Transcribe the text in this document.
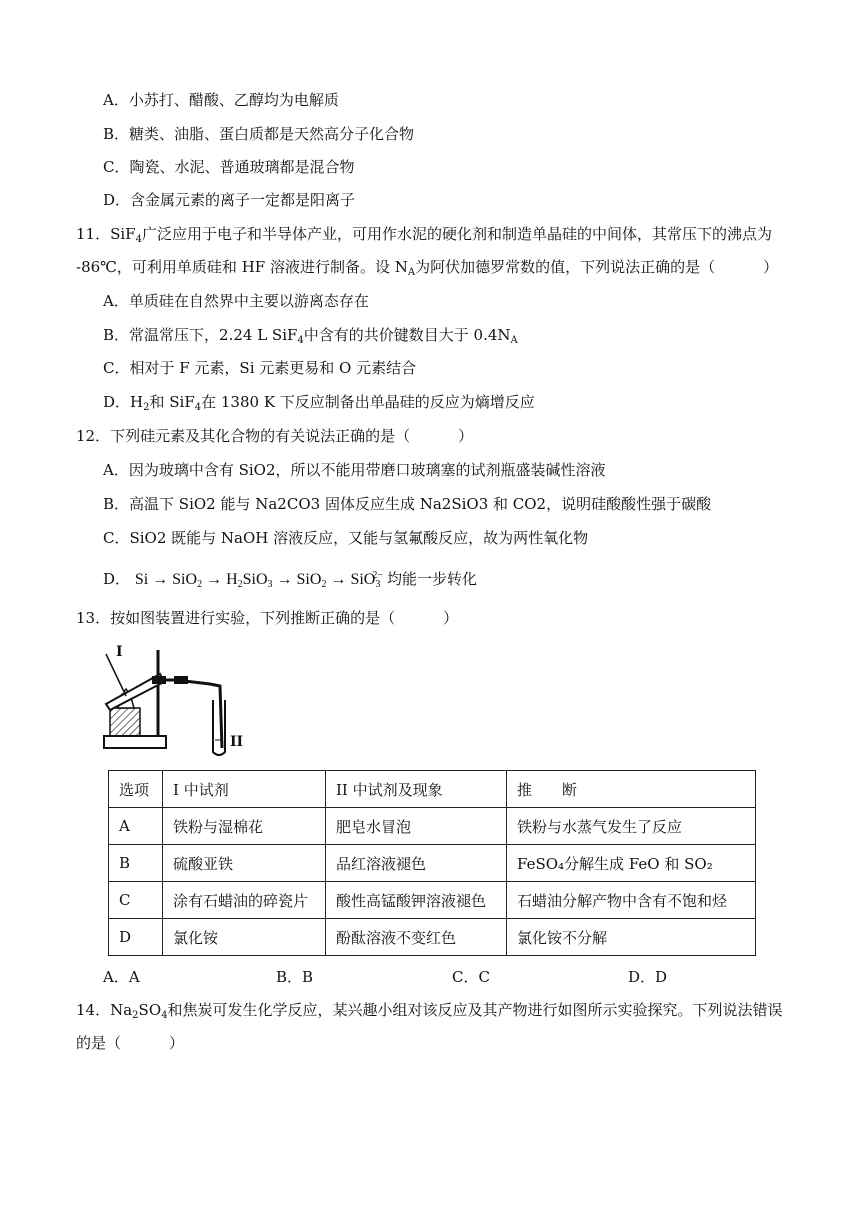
A．小苏打、醋酸、乙醇均为电解质
B．糖类、油脂、蛋白质都是天然高分子化合物
C．陶瓷、水泥、普通玻璃都是混合物
D．含金属元素的离子一定都是阳离子
11．SiF$_4$广泛应用于电子和半导体产业，可用作水泥的硬化剂和制造单晶硅的中间体，其常压下的沸点为
-86℃，可利用单质硅和 HF 溶液进行制备。设 $N_A$为阿伏加德罗常数的值，下列说法正确的是（	）
A．单质硅在自然界中主要以游离态存在
B．常温常压下，2.24 L SiF$_4$中含有的共价键数目大于 $0.4N_A$
C．相对于 F 元素，Si 元素更易和 O 元素结合
D．$H_2$和 SiF$_4$在 1380 K 下反应制备出单晶硅的反应为熵增反应
12．下列硅元素及其化合物的有关说法正确的是（	）
A．因为玻璃中含有 SiO2，所以不能用带磨口玻璃塞的试剂瓶盛装碱性溶液
B．高温下 SiO2 能与 Na2CO3 固体反应生成 Na2SiO3 和 CO2，说明硅酸酸性强于碳酸
C．SiO2 既能与 NaOH 溶液反应，又能与氢氟酸反应，故为两性氧化物
D． $Si \to SiO_2 \to H_2SiO_3 \to SiO_2 \to SiO_3^{2-}$ 均能一步转化
13．按如图装置进行实验，下列推断正确的是（	）
I
II
选项	I 中试剂	II 中试剂及现象	推　　断
A	铁粉与湿棉花	肥皂水冒泡	铁粉与水蒸气发生了反应
B	硫酸亚铁	品红溶液褪色	FeSO₄分解生成 FeO 和 SO₂
C	涂有石蜡油的碎瓷片	酸性高锰酸钾溶液褪色	石蜡油分解产物中含有不饱和烃
D	氯化铵	酚酞溶液不变红色	氯化铵不分解
A．A	B．B	C．C	D．D
14．$Na_2SO_4$和焦炭可发生化学反应，某兴趣小组对该反应及其产物进行如图所示实验探究。下列说法错误
的是（	）
